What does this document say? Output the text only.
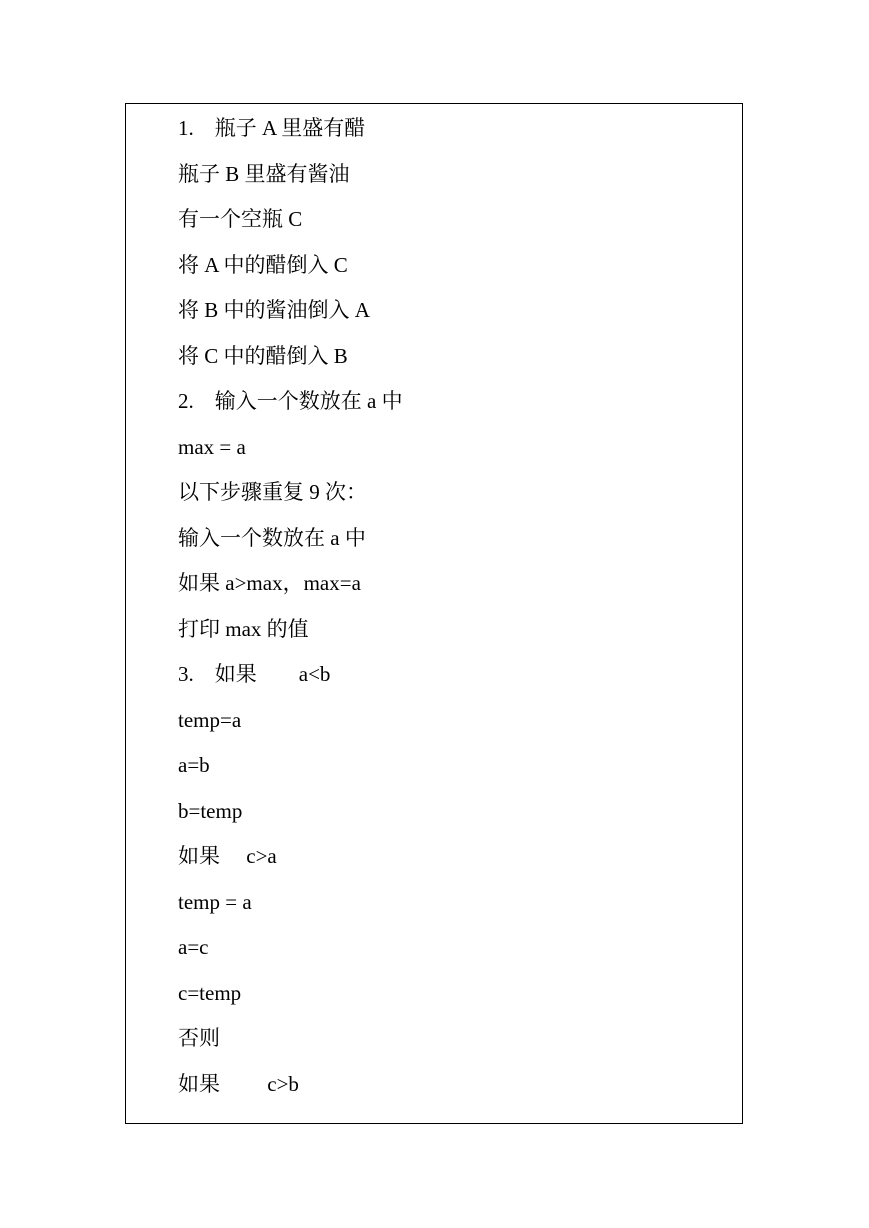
1.　瓶子 A 里盛有醋
瓶子 B 里盛有酱油
有一个空瓶 C
将 A 中的醋倒入 C
将 B 中的酱油倒入 A
将 C 中的醋倒入 B
2.　输入一个数放在 a 中
max = a
以下步骤重复 9 次：
输入一个数放在 a 中
如果 a>max，max=a
打印 max 的值
3.　如果　　a<b
temp=a
a=b
b=temp
如果　 c>a
temp = a
a=c
c=temp
否则
如果　　 c>b
